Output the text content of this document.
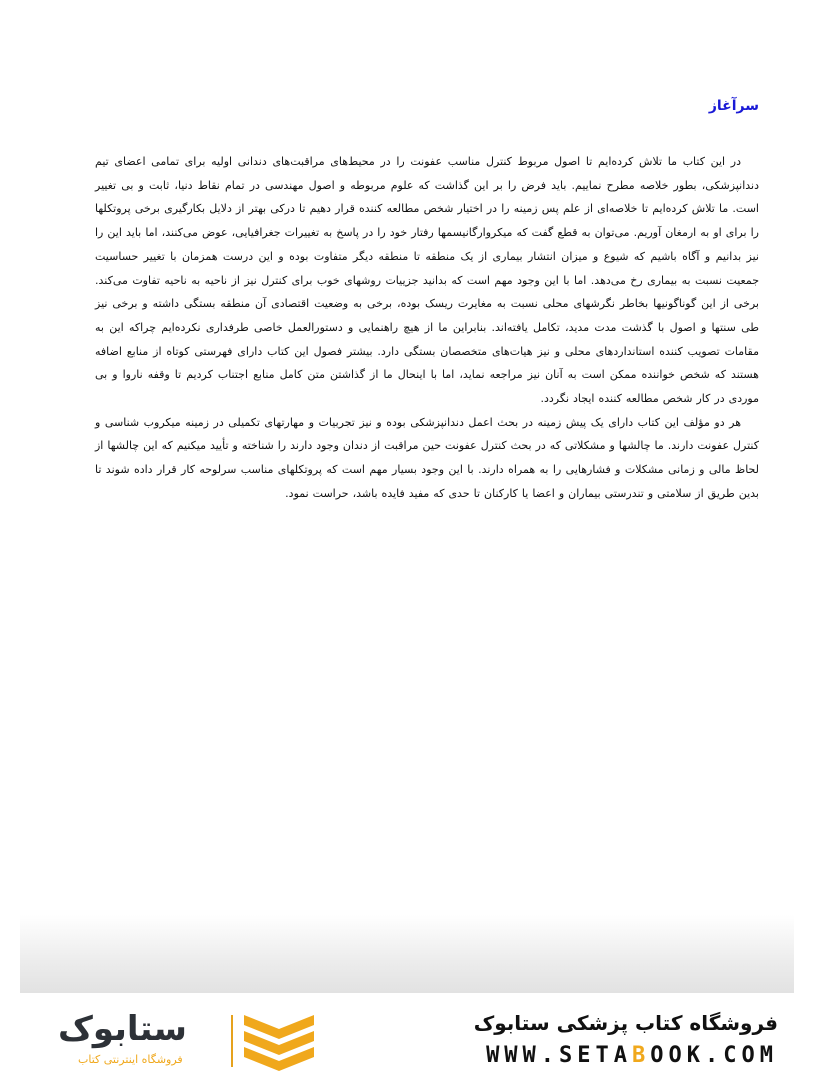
سرآغاز

در این کتاب ما تلاش کرده‌ایم تا اصول مربوط کنترل مناسب عفونت را در محیط‌های مراقبت‌های دندانی اولیه برای تمامی اعضای تیم دندانپزشکی، بطور خلاصه مطرح نماییم. باید فرض را بر این گذاشت که علوم مربوطه و اصول مهندسی در تمام نقاط دنیا، ثابت و بی تغییر است. ما تلاش کرده‌ایم تا خلاصه‌ای از علم پس زمینه را در اختیار شخص مطالعه کننده قرار دهیم تا درکی بهتر از دلایل بکارگیری برخی پروتکلها را برای او به ارمغان آوریم. می‌توان به قطع گفت که میکروارگانیسمها رفتار خود را در پاسخ به تغییرات جغرافیایی، عوض می‌کنند، اما باید این را نیز بدانیم و آگاه باشیم که شیوع و میزان انتشار بیماری از یک منطقه تا منطقه دیگر متفاوت بوده و این درست همزمان با تغییر حساسیت جمعیت نسبت به بیماری رخ می‌دهد. اما با این وجود مهم است که بدانید جزییات روشهای خوب برای کنترل نیز از ناحیه به ناحیه تفاوت می‌کند. برخی از این گوناگونیها بخاطر نگرشهای محلی نسبت به مغایرت ریسک بوده، برخی به وضعیت اقتصادی آن منطقه بستگی داشته و برخی نیز طی سنتها و اصول با گذشت مدت مدید، تکامل یافته‌اند. بنابراین ما از هیچ راهنمایی و دستورالعمل خاصی طرفداری نکرده‌ایم چراکه این به مقامات تصویب کننده استانداردهای محلی و نیز هیات‌های متخصصان بستگی دارد. بیشتر فصول این کتاب دارای فهرستی کوتاه از منابع اضافه هستند که شخص خواننده ممکن است به آنان نیز مراجعه نماید، اما با اینحال ما از گذاشتن متن کامل منابع اجتناب کردیم تا وقفه ناروا و بی موردی در کار شخص مطالعه کننده ایجاد نگردد.

هر دو مؤلف این کتاب دارای یک پیش زمینه در بحث اعمل دندانپزشکی بوده و نیز تجربیات و مهارتهای تکمیلی در زمینه میکروب شناسی و کنترل عفونت دارند. ما چالشها و مشکلاتی که در بحث کنترل عفونت حین مراقبت از دندان وجود دارند را شناخته و تأیید میکنیم که این چالشها از لحاظ مالی و زمانی مشکلات و فشارهایی را به همراه دارند. با این وجود بسیار مهم است که پروتکلهای مناسب سرلوحه کار قرار داده شوند تا بدین طریق از سلامتی و تندرستی بیماران و اعضا یا کارکنان تا حدی که مفید فایده باشد، حراست نمود.

ستابوک
فروشگاه اینترنتی کتاب
فروشگاه کتاب پزشکی ستابوک
WWW.SETABOOK.COM
